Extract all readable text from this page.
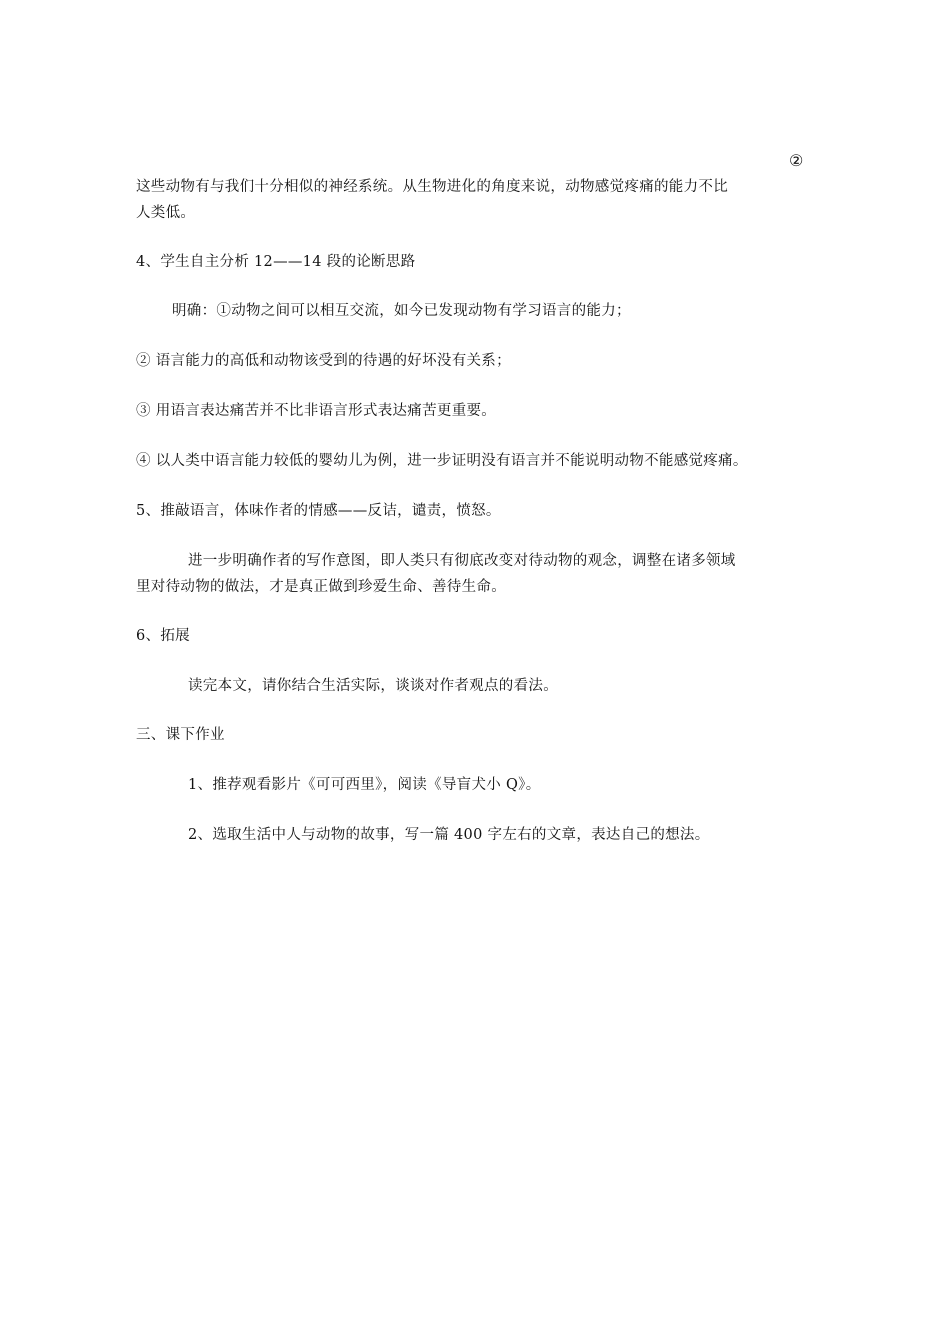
②
这些动物有与我们十分相似的神经系统。从生物进化的角度来说，动物感觉疼痛的能力不比
人类低。
4、学生自主分析 12——14 段的论断思路
明确：①动物之间可以相互交流，如今已发现动物有学习语言的能力；
② 语言能力的高低和动物该受到的待遇的好坏没有关系；
③ 用语言表达痛苦并不比非语言形式表达痛苦更重要。
④ 以人类中语言能力较低的婴幼儿为例，进一步证明没有语言并不能说明动物不能感觉疼痛。
5、推敲语言，体味作者的情感——反诘，谴责，愤怒。
进一步明确作者的写作意图，即人类只有彻底改变对待动物的观念，调整在诸多领域
里对待动物的做法，才是真正做到珍爱生命、善待生命。
6、拓展
读完本文，请你结合生活实际，谈谈对作者观点的看法。
三、课下作业
1、推荐观看影片《可可西里》，阅读《导盲犬小 Q》。
2、选取生活中人与动物的故事，写一篇 400 字左右的文章，表达自己的想法。
